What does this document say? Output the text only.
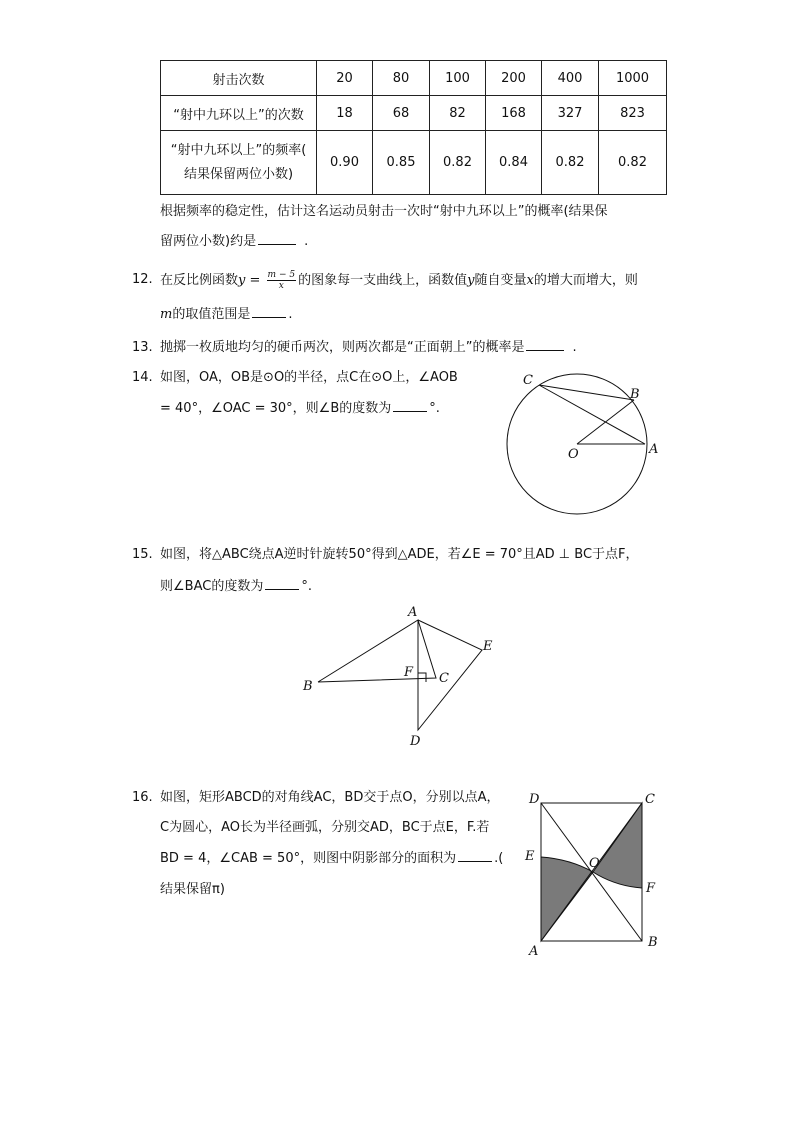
射击次数	20	80	100	200	400	1000
“射中九环以上”的次数	18	68	82	168	327	823

“射中九环以上”的频率(
结果保留两位小数)	0.90	0.85	0.82	0.84	0.82	0.82
根据频率的稳定性，估计这名运动员射击一次时“射中九环以上”的概率(结果保
留两位小数)约是	.
12. 在反比例函数$y = \frac{m - 5}{x}$ 的图象每一支曲线上，函数值y随自变量x的增大而增大，则
m的取值范围是	.
13. 抛掷一枚质地均匀的硬币两次，则两次都是“正面朝上”的概率是	.
14. 如图，OA，OB是⊙O的半径，点C在⊙O上，∠AOB
= 40°，∠OAC = 30°，则∠B的度数为	°.
C
B
O	A
15. 如图，将△ABC绕点A逆时针旋转50°得到△ADE，若∠E = 70°且AD ⊥ BC于点F，
则∠BAC的度数为	°.
A
E
F C
B
D
16. 如图，矩形ABCD的对角线AC，BD交于点O，分别以点A，
C为圆心，AO长为半径画弧，分别交AD，BC于点E，F.若
BD = 4，∠CAB = 50°，则图中阴影部分的面积为	.(
结果保留π)
D	C
E	O
F
A
B
